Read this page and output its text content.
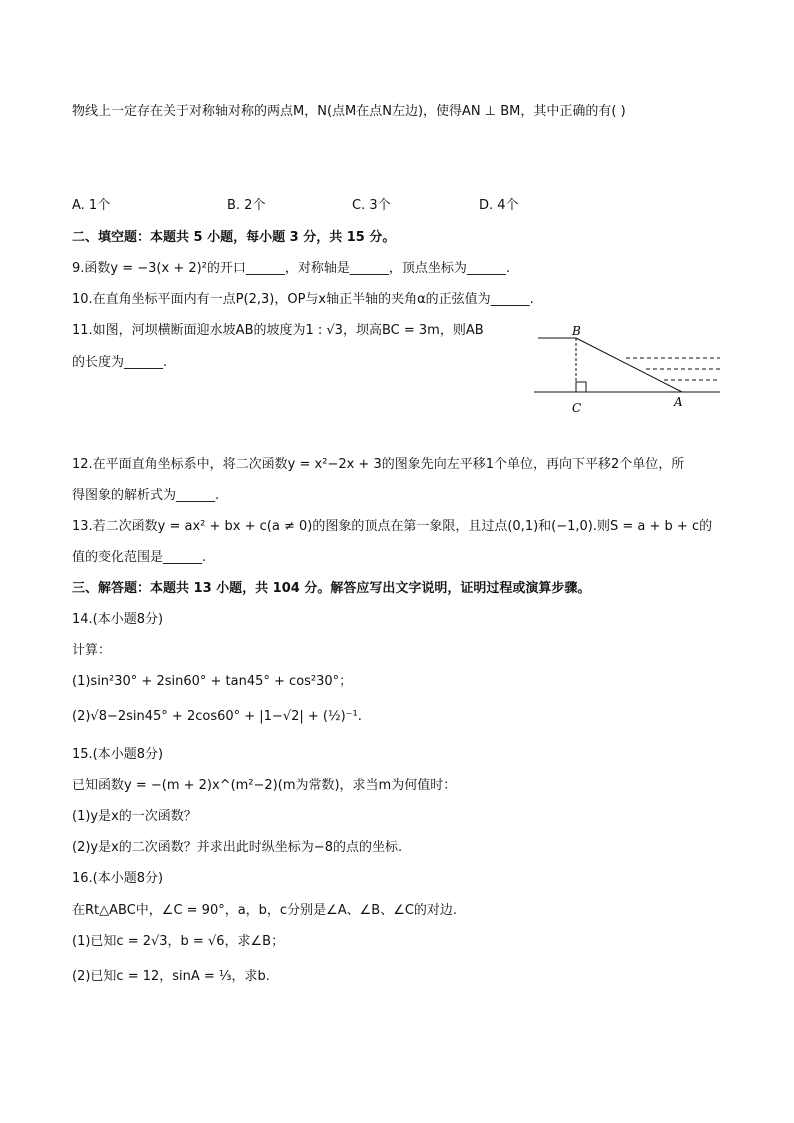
物线上一定存在关于对称轴对称的两点M，N(点M在点N左边)，使得AN ⊥ BM，其中正确的有( )
A. 1个	B. 2个	C. 3个	D. 4个
二、填空题：本题共 5 小题，每小题 3 分，共 15 分。
9.函数y = −3(x + 2)²的开口______，对称轴是______，顶点坐标为______.
10.在直角坐标平面内有一点P(2,3)，OP与x轴正半轴的夹角α的正弦值为______.
11.如图，河坝横断面迎水坡AB的坡度为1 : √3，坝高BC = 3m，则AB
的长度为______.
B
C	A
12.在平面直角坐标系中，将二次函数y = x²−2x + 3的图象先向左平移1个单位，再向下平移2个单位，所
得图象的解析式为______.
13.若二次函数y = ax² + bx + c(a ≠ 0)的图象的顶点在第一象限，且过点(0,1)和(−1,0).则S = a + b + c的
值的变化范围是______.
三、解答题：本题共 13 小题，共 104 分。解答应写出文字说明，证明过程或演算步骤。
14.(本小题8分)
计算：
(1)sin²30° + 2sin60° + tan45° + cos²30°；
(2)√8−2sin45° + 2cos60° + |1−√2| + (½)⁻¹.
15.(本小题8分)
已知函数y = −(m + 2)x^(m²−2)(m为常数)，求当m为何值时：
(1)y是x的一次函数？
(2)y是x的二次函数？并求出此时纵坐标为−8的点的坐标.
16.(本小题8分)
在Rt△ABC中，∠C = 90°，a，b，c分别是∠A、∠B、∠C的对边.
(1)已知c = 2√3，b = √6，求∠B；
(2)已知c = 12，sinA = ⅓，求b.
